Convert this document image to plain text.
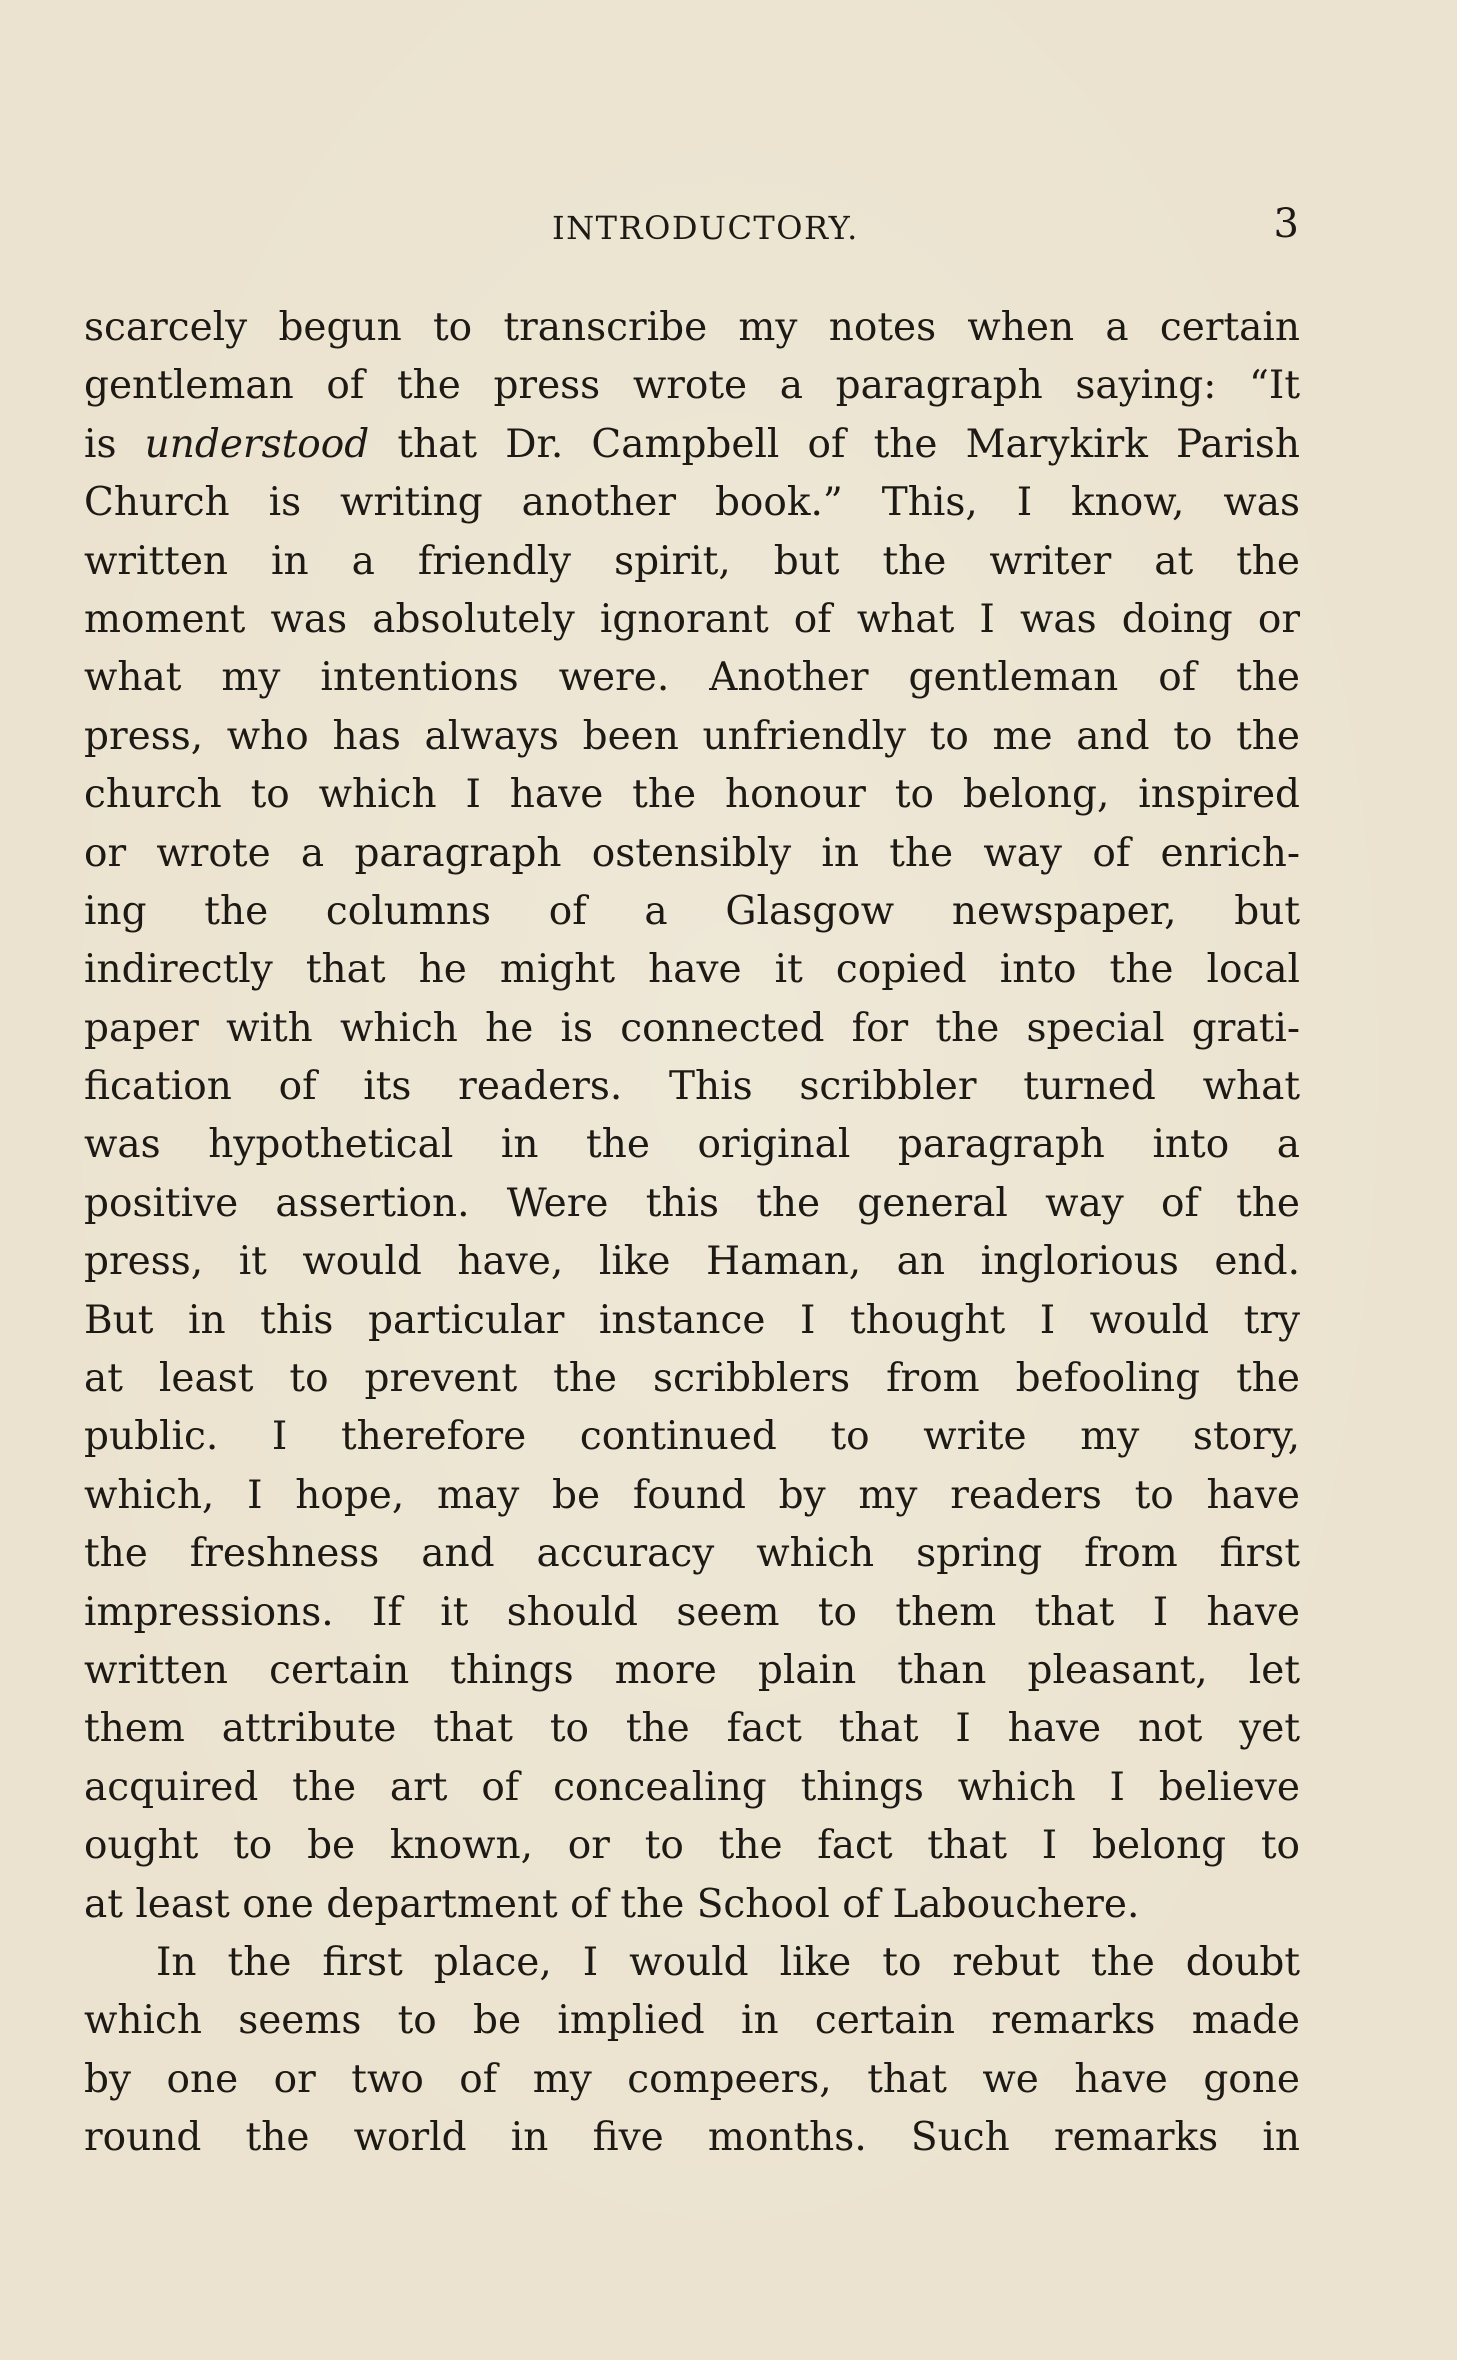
INTRODUCTORY.	3
scarcely begun to transcribe my notes when a certain
gentleman of the press wrote a paragraph saying: “It
is understood that Dr. Campbell of the Marykirk Parish
Church is writing another book.” This, I know, was
written in a friendly spirit, but the writer at the
moment was absolutely ignorant of what I was doing or
what my intentions were. Another gentleman of the
press, who has always been unfriendly to me and to the
church to which I have the honour to belong, inspired
or wrote a paragraph ostensibly in the way of enrich-
ing the columns of a Glasgow newspaper, but
indirectly that he might have it copied into the local
paper with which he is connected for the special grati-
fication of its readers. This scribbler turned what
was hypothetical in the original paragraph into a
positive assertion. Were this the general way of the
press, it would have, like Haman, an inglorious end.
But in this particular instance I thought I would try
at least to prevent the scribblers from befooling the
public. I therefore continued to write my story,
which, I hope, may be found by my readers to have
the freshness and accuracy which spring from first
impressions. If it should seem to them that I have
written certain things more plain than pleasant, let
them attribute that to the fact that I have not yet
acquired the art of concealing things which I believe
ought to be known, or to the fact that I belong to
at least one department of the School of Labouchere.
In the first place, I would like to rebut the doubt
which seems to be implied in certain remarks made
by one or two of my compeers, that we have gone
round the world in five months. Such remarks in
